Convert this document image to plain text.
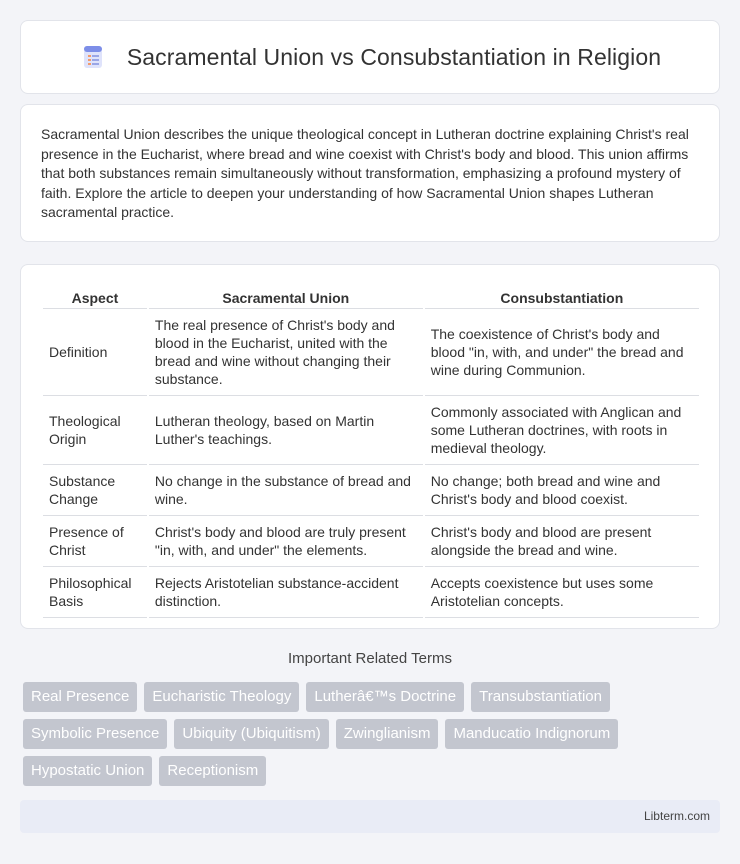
Sacramental Union vs Consubstantiation in Religion

Sacramental Union describes the unique theological concept in Lutheran doctrine explaining Christ's real presence in the Eucharist, where bread and wine coexist with Christ's body and blood. This union affirms that both substances remain simultaneously without transformation, emphasizing a profound mystery of faith. Explore the article to deepen your understanding of how Sacramental Union shapes Lutheran sacramental practice.

Aspect	Sacramental Union	Consubstantiation
Definition	The real presence of Christ's body and blood in the Eucharist, united with the bread and wine without changing their substance.	The coexistence of Christ's body and blood "in, with, and under" the bread and wine during Communion.
Theological Origin	Lutheran theology, based on Martin Luther's teachings.	Commonly associated with Anglican and some Lutheran doctrines, with roots in medieval theology.
Substance Change	No change in the substance of bread and wine.	No change; both bread and wine and Christ's body and blood coexist.
Presence of Christ	Christ's body and blood are truly present "in, with, and under" the elements.	Christ's body and blood are present alongside the bread and wine.
Philosophical Basis	Rejects Aristotelian substance-accident distinction.	Accepts coexistence but uses some Aristotelian concepts.
Important Related Terms
Real Presence	Eucharistic Theology	Lutherâ€™s Doctrine	Transubstantiation
Symbolic Presence	Ubiquity (Ubiquitism)	Zwinglianism	Manducatio Indignorum
Hypostatic Union	Receptionism
Libterm.com
